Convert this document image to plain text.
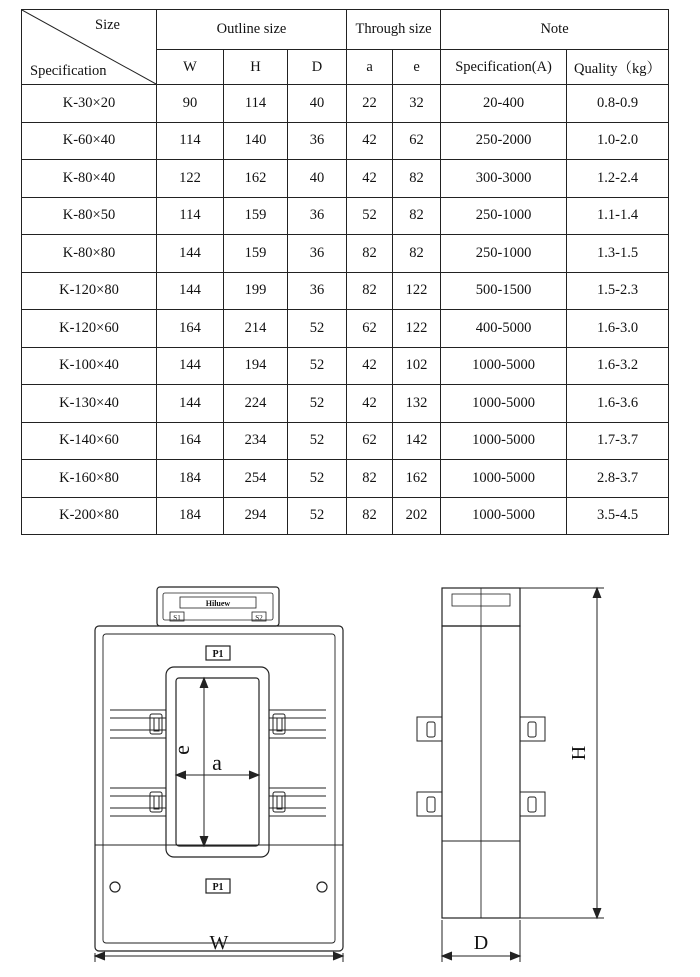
Size
Specification	Outline size			Through size		Note	
	W	H	D	a	e	Specification(A)	Quality（kg）
K-30×20	90	114	40	22	32	20-400	0.8-0.9
K-60×40	114	140	36	42	62	250-2000	1.0-2.0
K-80×40	122	162	40	42	82	300-3000	1.2-2.4
K-80×50	114	159	36	52	82	250-1000	1.1-1.4
K-80×80	144	159	36	82	82	250-1000	1.3-1.5
K-120×80	144	199	36	82	122	500-1500	1.5-2.3
K-120×60	164	214	52	62	122	400-5000	1.6-3.0
K-100×40	144	194	52	42	102	1000-5000	1.6-3.2
K-130×40	144	224	52	42	132	1000-5000	1.6-3.6
K-140×60	164	234	52	62	142	1000-5000	1.7-3.7
K-160×80	184	254	52	82	162	1000-5000	2.8-3.7
K-200×80	184	294	52	82	202	1000-5000	3.5-4.5
Hiluew
S1	S2
P1
P1
a
e
W
H
D
